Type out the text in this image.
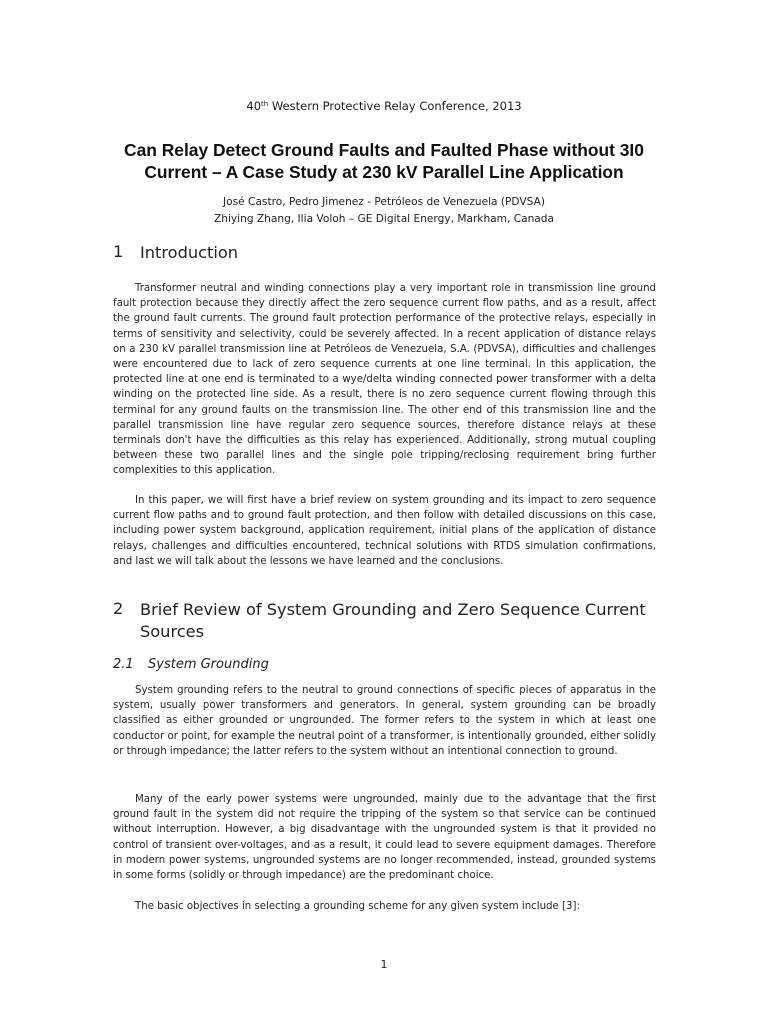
40th Western Protective Relay Conference, 2013
Can Relay Detect Ground Faults and Faulted Phase without 3I0
Current – A Case Study at 230 kV Parallel Line Application
José Castro, Pedro Jimenez - Petróleos de Venezuela (PDVSA)
Zhiying Zhang, Ilia Voloh – GE Digital Energy, Markham, Canada
1 Introduction

Transformer neutral and winding connections play a very important role in transmission line ground fault protection because they directly affect the zero sequence current flow paths, and as a result, affect the ground fault currents. The ground fault protection performance of the protective relays, especially in terms of sensitivity and selectivity, could be severely affected. In a recent application of distance relays on a 230 kV parallel transmission line at Petróleos de Venezuela, S.A. (PDVSA), difficulties and challenges were encountered due to lack of zero sequence currents at one line terminal. In this application, the protected line at one end is terminated to a wye/delta winding connected power transformer with a delta winding on the protected line side. As a result, there is no zero sequence current flowing through this terminal for any ground faults on the transmission line. The other end of this transmission line and the parallel transmission line have regular zero sequence sources, therefore distance relays at these terminals don't have the difficulties as this relay has experienced. Additionally, strong mutual coupling between these two parallel lines and the single pole tripping/reclosing requirement bring further complexities to this application.

In this paper, we will first have a brief review on system grounding and its impact to zero sequence current flow paths and to ground fault protection, and then follow with detailed discussions on this case, including power system background, application requirement, initial plans of the application of distance relays, challenges and difficulties encountered, technical solutions with RTDS simulation confirmations, and last we will talk about the lessons we have learned and the conclusions.

2 Brief Review of System Grounding and Zero Sequence Current Sources
2.1 System Grounding

System grounding refers to the neutral to ground connections of specific pieces of apparatus in the system, usually power transformers and generators. In general, system grounding can be broadly classified as either grounded or ungrounded. The former refers to the system in which at least one conductor or point, for example the neutral point of a transformer, is intentionally grounded, either solidly or through impedance; the latter refers to the system without an intentional connection to ground.

Many of the early power systems were ungrounded, mainly due to the advantage that the first ground fault in the system did not require the tripping of the system so that service can be continued without interruption. However, a big disadvantage with the ungrounded system is that it provided no control of transient over-voltages, and as a result, it could lead to severe equipment damages. Therefore in modern power systems, ungrounded systems are no longer recommended, instead, grounded systems in some forms (solidly or through impedance) are the predominant choice.

The basic objectives in selecting a grounding scheme for any given system include [3]:

1
